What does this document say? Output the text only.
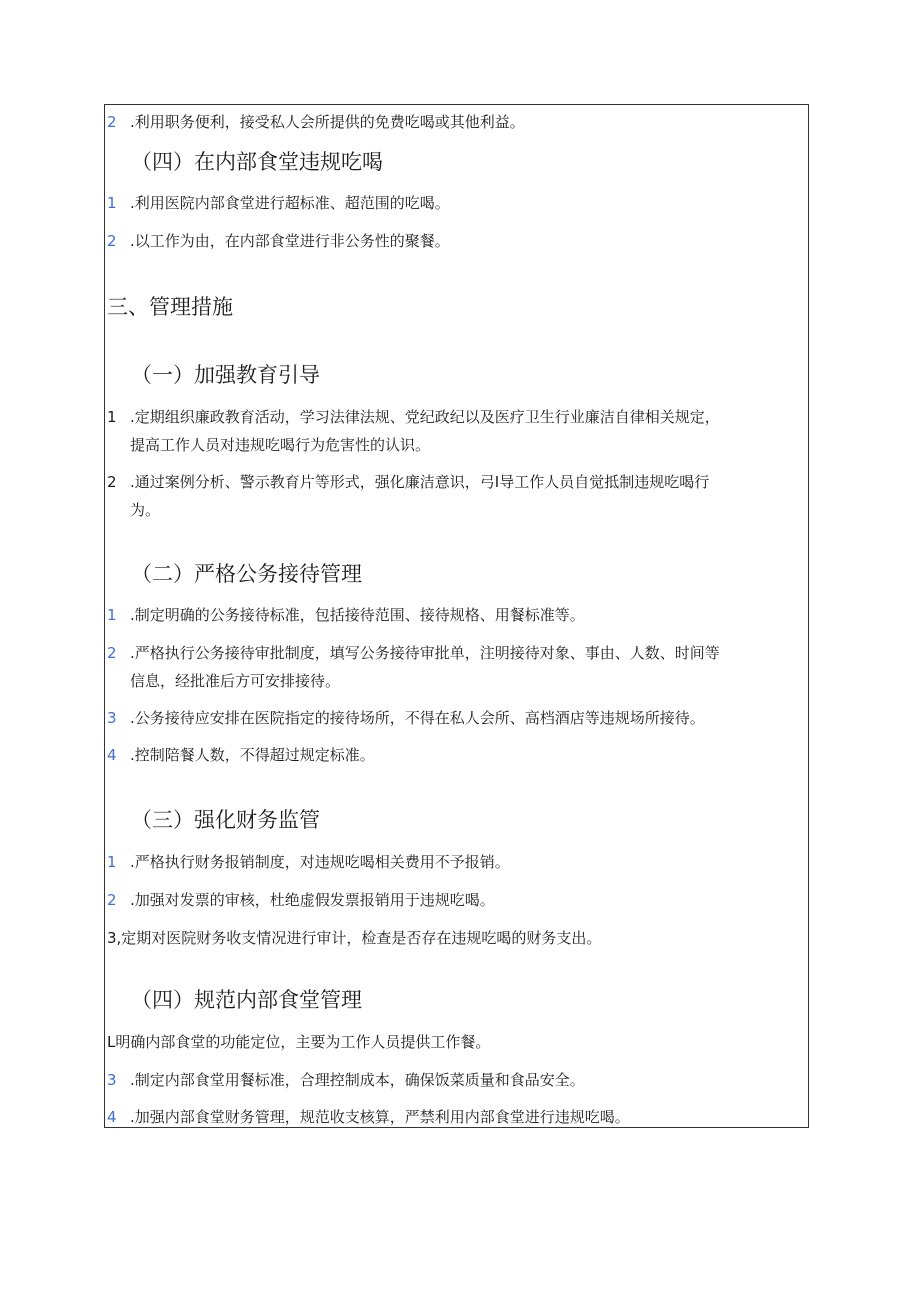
2 .利用职务便利，接受私人会所提供的免费吃喝或其他利益。
（四）在内部食堂违规吃喝
1 .利用医院内部食堂进行超标准、超范围的吃喝。
2 .以工作为由，在内部食堂进行非公务性的聚餐。
三、管理措施
（一）加强教育引导
1 .定期组织廉政教育活动，学习法律法规、党纪政纪以及医疗卫生行业廉洁自律相关规定，
提高工作人员对违规吃喝行为危害性的认识。
2 .通过案例分析、警示教育片等形式，强化廉洁意识，弓I导工作人员自觉抵制违规吃喝行
为。
（二）严格公务接待管理
1 .制定明确的公务接待标准，包括接待范围、接待规格、用餐标准等。
2 .严格执行公务接待审批制度，填写公务接待审批单，注明接待对象、事由、人数、时间等
信息，经批准后方可安排接待。
3 .公务接待应安排在医院指定的接待场所，不得在私人会所、高档酒店等违规场所接待。
4 .控制陪餐人数，不得超过规定标准。
（三）强化财务监管
1 .严格执行财务报销制度，对违规吃喝相关费用不予报销。
2 .加强对发票的审核，杜绝虚假发票报销用于违规吃喝。
3,定期对医院财务收支情况进行审计，检查是否存在违规吃喝的财务支出。
（四）规范内部食堂管理
L明确内部食堂的功能定位，主要为工作人员提供工作餐。
3 .制定内部食堂用餐标准，合理控制成本，确保饭菜质量和食品安全。
4 .加强内部食堂财务管理，规范收支核算，严禁利用内部食堂进行违规吃喝。
